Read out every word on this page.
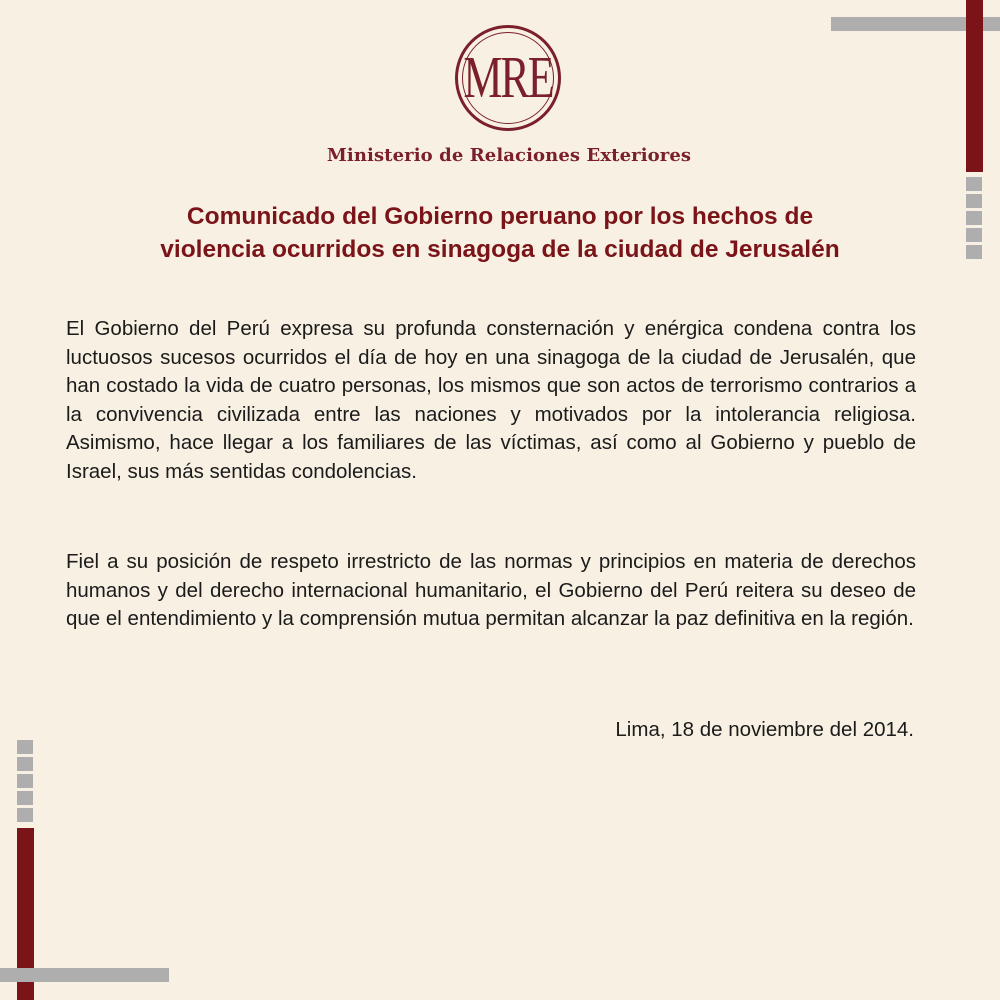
MRE
Ministerio de Relaciones Exteriores
Comunicado del Gobierno peruano por los hechos de
violencia ocurridos en sinagoga de la ciudad de Jerusalén

El Gobierno del Perú expresa su profunda consternación y enérgica condena contra los luctuosos sucesos ocurridos el día de hoy en una sinagoga de la ciudad de Jerusalén, que han costado la vida de cuatro personas, los mismos que son actos de terrorismo contrarios a la convivencia civilizada entre las naciones y motivados por la intolerancia religiosa. Asimismo, hace llegar a los familiares de las víctimas, así como al Gobierno y pueblo de Israel, sus más sentidas condolencias.

Fiel a su posición de respeto irrestricto de las normas y principios en materia de derechos humanos y del derecho internacional humanitario, el Gobierno del Perú reitera su deseo de que el entendimiento y la comprensión mutua permitan alcanzar la paz definitiva en la región.

Lima, 18 de noviembre del 2014.
